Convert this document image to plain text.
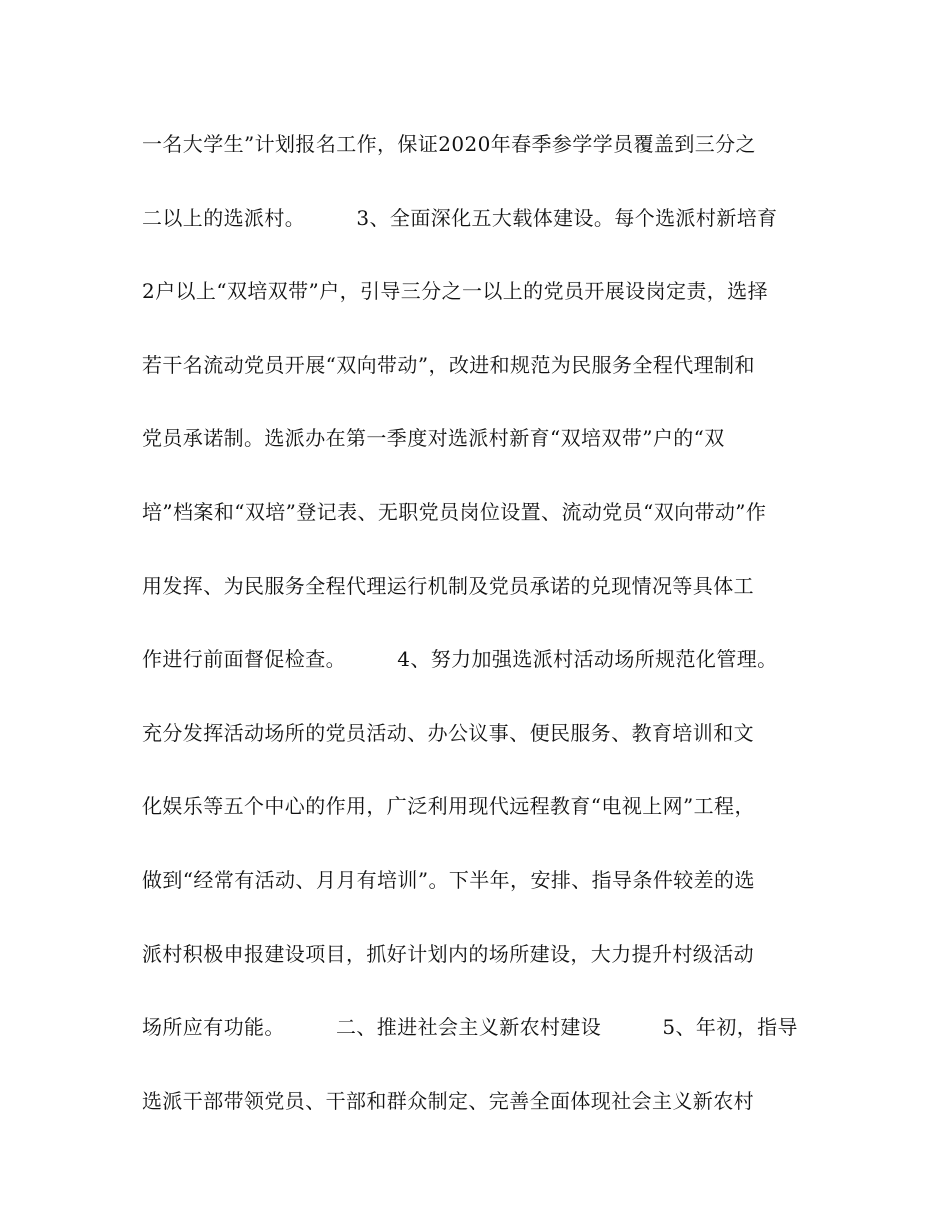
一名大学生”计划报名工作，保证2020年春季参学学员覆盖到三分之
二以上的选派村。　　　3、全面深化五大载体建设。每个选派村新培育
2户以上“双培双带”户，引导三分之一以上的党员开展设岗定责，选择
若干名流动党员开展“双向带动”，改进和规范为民服务全程代理制和
党员承诺制。选派办在第一季度对选派村新育“双培双带”户的“双
培”档案和“双培”登记表、无职党员岗位设置、流动党员“双向带动”作
用发挥、为民服务全程代理运行机制及党员承诺的兑现情况等具体工
作进行前面督促检查。　　　4、努力加强选派村活动场所规范化管理。
充分发挥活动场所的党员活动、办公议事、便民服务、教育培训和文
化娱乐等五个中心的作用，广泛利用现代远程教育“电视上网”工程，
做到“经常有活动、月月有培训”。下半年，安排、指导条件较差的选
派村积极申报建设项目，抓好计划内的场所建设，大力提升村级活动
场所应有功能。　　　二、推进社会主义新农村建设　　　5、年初，指导
选派干部带领党员、干部和群众制定、完善全面体现社会主义新农村
